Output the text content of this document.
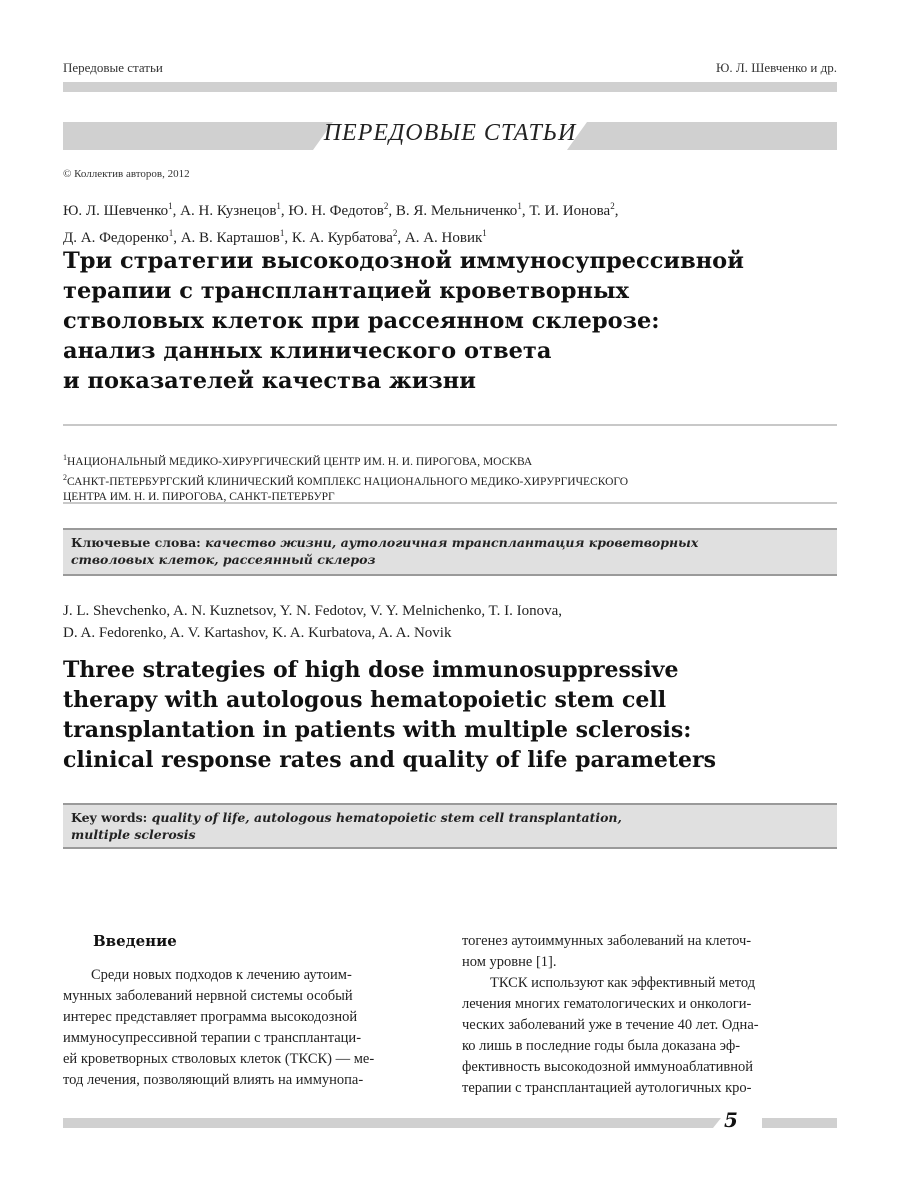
Передовые статьи	Ю. Л. Шевченко и др.
ПЕРЕДОВЫЕ СТАТЬИ
© Коллектив авторов, 2012
Ю. Л. Шевченко$^1$, А. Н. Кузнецов$^1$, Ю. Н. Федотов$^2$, В. Я. Мельниченко$^1$, Т. И. Ионова$^2$,
Д. А. Федоренко$^1$, А. В. Карташов$^1$, К. А. Курбатова$^2$, А. А. Новик$^1$
Три стратегии высокодозной иммуносупрессивной
терапии с трансплантацией кроветворных
стволовых клеток при рассеянном склерозе:
анализ данных клинического ответа
и показателей качества жизни
$^1$НАЦИОНАЛЬНЫЙ МЕДИКО-ХИРУРГИЧЕСКИЙ ЦЕНТР ИМ. Н. И. ПИРОГОВА, МОСКВА
$^2$САНКТ-ПЕТЕРБУРГСКИЙ КЛИНИЧЕСКИЙ КОМПЛЕКС НАЦИОНАЛЬНОГО МЕДИКО-ХИРУРГИЧЕСКОГО
ЦЕНТРА ИМ. Н. И. ПИРОГОВА, САНКТ-ПЕТЕРБУРГ
Ключевые слова: качество жизни, аутологичная трансплантация кроветворных
стволовых клеток, рассеянный склероз
J. L. Shevchenko, A. N. Kuznetsov, Y. N. Fedotov, V. Y. Melnichenko, T. I. Ionova,
D. A. Fedorenko, A. V. Kartashov, K. A. Kurbatova, A. A. Novik
Three strategies of high dose immunosuppressive
therapy with autologous hematopoietic stem cell
transplantation in patients with multiple sclerosis:
clinical response rates and quality of life parameters
Key words: quality of life, autologous hematopoietic stem cell transplantation,
multiple sclerosis
Введение
Среди новых подходов к лечению аутоим-
мунных заболеваний нервной системы особый
интерес представляет программа высокодозной
иммуносупрессивной терапии с трансплантаци-
ей кроветворных стволовых клеток (ТКСК) — ме-
тод лечения, позволяющий влиять на иммунопа-
тогенез аутоиммунных заболеваний на клеточ-
ном уровне [1].
ТКСК используют как эффективный метод
лечения многих гематологических и онкологи-
ческих заболеваний уже в течение 40 лет. Одна-
ко лишь в последние годы была доказана эф-
фективность высокодозной иммуноаблативной
терапии с трансплантацией аутологичных кро-
5
